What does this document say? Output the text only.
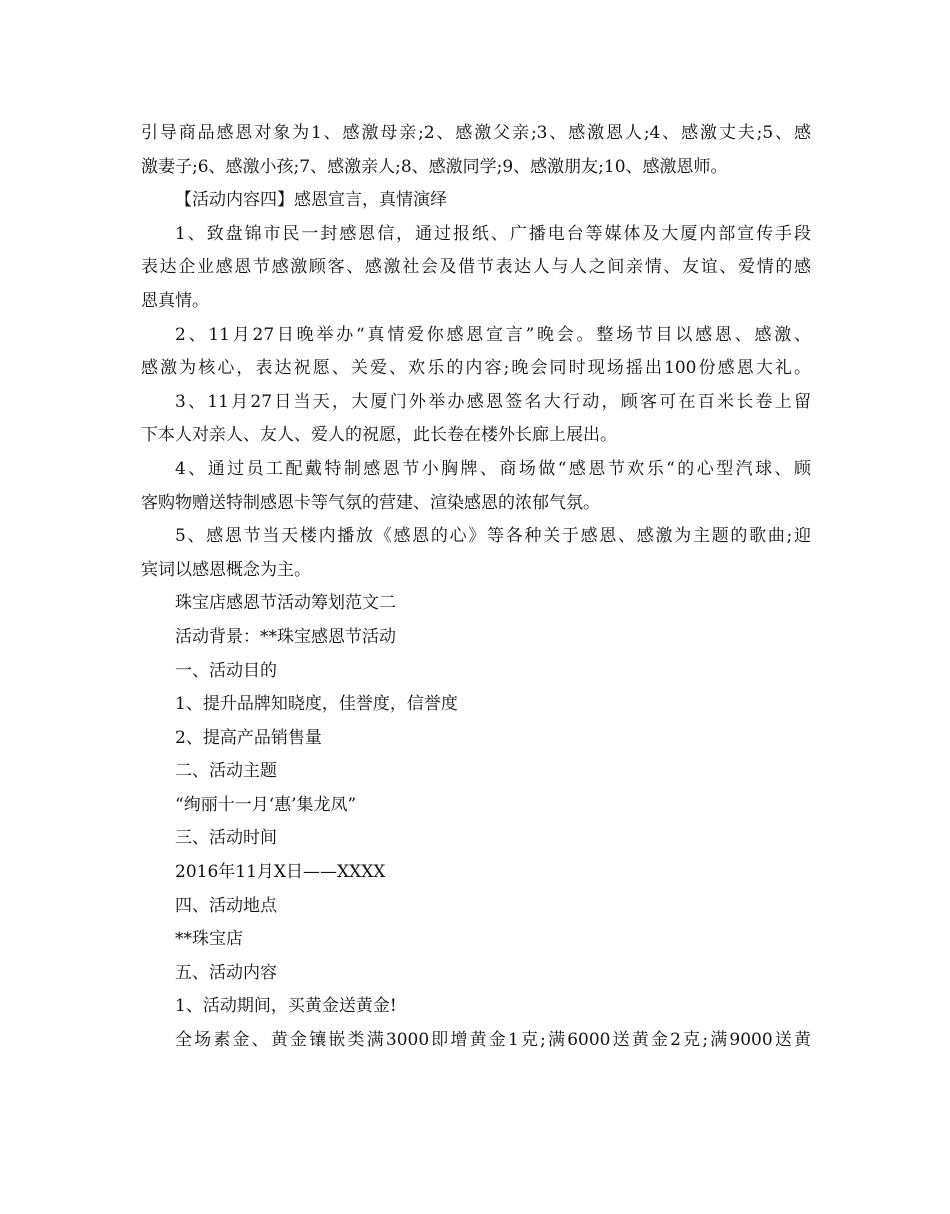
引导商品感恩对象为1、感激母亲;2、感激父亲;3、感激恩人;4、感激丈夫;5、感
激妻子;6、感激小孩;7、感激亲人;8、感激同学;9、感激朋友;10、感激恩师。
【活动内容四】感恩宣言，真情演绎
1、致盘锦市民一封感恩信，通过报纸、广播电台等媒体及大厦内部宣传手段
表达企业感恩节感激顾客、感激社会及借节表达人与人之间亲情、友谊、爱情的感
恩真情。
2、11月27日晚举办“真情爱你感恩宣言”晚会。整场节目以感恩、感激、
感激为核心，表达祝愿、关爱、欢乐的内容;晚会同时现场摇出100份感恩大礼。
3、11月27日当天，大厦门外举办感恩签名大行动，顾客可在百米长卷上留
下本人对亲人、友人、爱人的祝愿，此长卷在楼外长廊上展出。
4、通过员工配戴特制感恩节小胸牌、商场做“感恩节欢乐“的心型汽球、顾
客购物赠送特制感恩卡等气氛的营建、渲染感恩的浓郁气氛。
5、感恩节当天楼内播放《感恩的心》等各种关于感恩、感激为主题的歌曲;迎
宾词以感恩概念为主。
珠宝店感恩节活动筹划范文二
活动背景：**珠宝感恩节活动
一、活动目的
1、提升品牌知晓度，佳誉度，信誉度
2、提高产品销售量
二、活动主题
“绚丽十一月‘惠’集龙凤”
三、活动时间
2016年11月X日——XXXX
四、活动地点
**珠宝店
五、活动内容
1、活动期间，买黄金送黄金!
全场素金、黄金镶嵌类满3000即增黄金1克;满6000送黄金2克;满9000送黄
